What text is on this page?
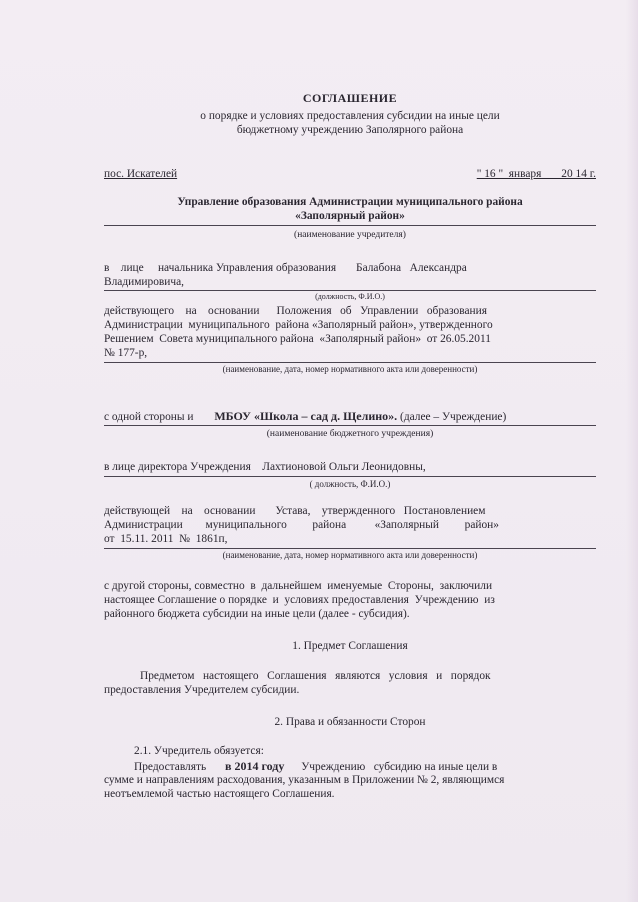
СОГЛАШЕНИЕ
о порядке и условиях предоставления субсидии на иные цели
бюджетному учреждению Заполярного района
пос. Искателей	" 16 "  января       20 14 г.
Управление образования Администрации муниципального района
«Заполярный район»
(наименование учредителя)
в    лице     начальника Управления образования       Балабона   Александра
Владимировича,
(должность, Ф.И.О.)
действующего    на    основании      Положения   об   Управлении   образования
Администрации  муниципального  района «Заполярный район», утвержденного
Решением  Совета муниципального района  «Заполярный район»  от 26.05.2011
№ 177-р,
(наименование, дата, номер нормативного акта или доверенности)
с одной стороны и МБОУ «Школа – сад д. Щелино». (далее – Учреждение)
(наименование бюджетного учреждения)
в лице директора Учреждения    Лахтионовой Ольги Леонидовны,
( должность, Ф.И.О.)
действующей    на    основании       Устава,    утвержденного   Постановлением
Администрации        муниципального         района          «Заполярный         район»
от  15.11. 2011  №  1861п,
(наименование, дата, номер нормативного акта или доверенности)
с другой стороны, совместно  в  дальнейшем  именуемые  Стороны,  заключили
настоящее Соглашение о порядке  и  условиях предоставления  Учреждению  из
районного бюджета субсидии на иные цели (далее - субсидия).
1. Предмет Соглашения
Предметом   настоящего   Соглашения   являются   условия   и   порядок
предоставления Учредителем субсидии.
2. Права и обязанности Сторон
2.1. Учредитель обязуется:
Предоставлять в 2014 году Учреждению   субсидию на иные цели в
сумме и направлениям расходования, указанным в Приложении № 2, являющимся
неотъемлемой частью настоящего Соглашения.
